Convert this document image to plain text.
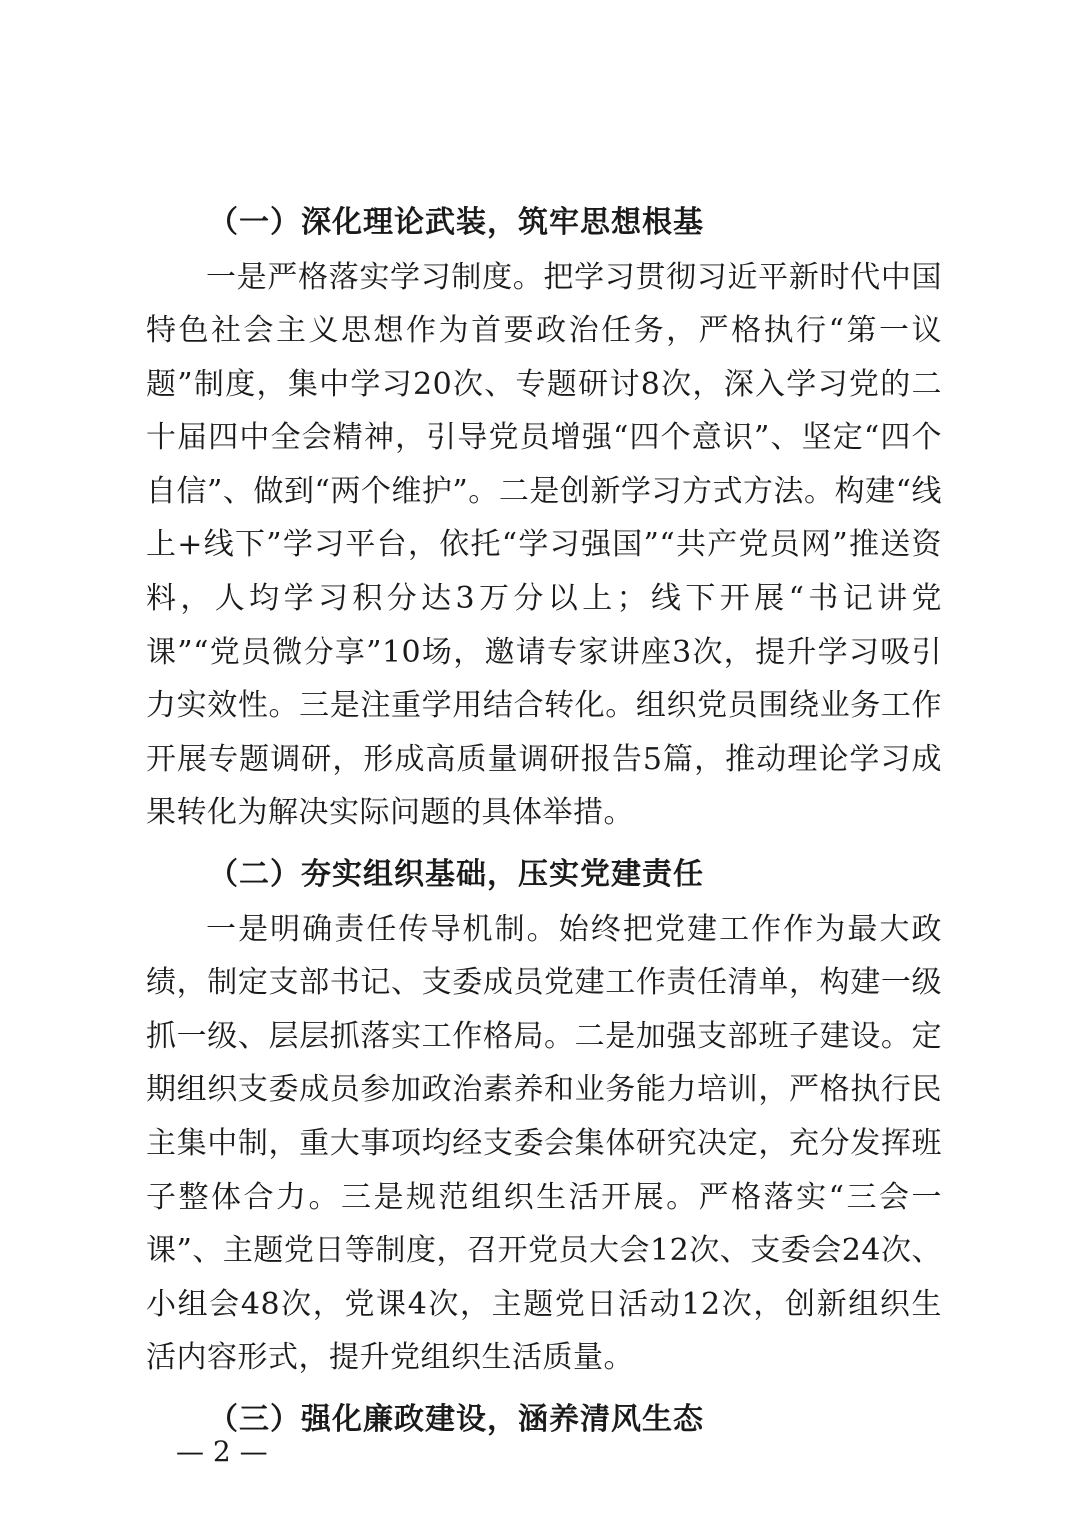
（一）深化理论武装，筑牢思想根基

一是严格落实学习制度。把学习贯彻习近平新时代中国特色社会主义思想作为首要政治任务，严格执行“第一议题”制度，集中学习20次、专题研讨8次，深入学习党的二十届四中全会精神，引导党员增强“四个意识”、坚定“四个自信”、做到“两个维护”。二是创新学习方式方法。构建“线上+线下”学习平台，依托“学习强国”“共产党员网”推送资料，人均学习积分达3万分以上；线下开展“书记讲党课”“党员微分享”10场，邀请专家讲座3次，提升学习吸引力实效性。三是注重学用结合转化。组织党员围绕业务工作开展专题调研，形成高质量调研报告5篇，推动理论学习成果转化为解决实际问题的具体举措。

（二）夯实组织基础，压实党建责任

一是明确责任传导机制。始终把党建工作作为最大政绩，制定支部书记、支委成员党建工作责任清单，构建一级抓一级、层层抓落实工作格局。二是加强支部班子建设。定期组织支委成员参加政治素养和业务能力培训，严格执行民主集中制，重大事项均经支委会集体研究决定，充分发挥班子整体合力。三是规范组织生活开展。严格落实“三会一课”、主题党日等制度，召开党员大会12次、支委会24次、小组会48次，党课4次，主题党日活动12次，创新组织生活内容形式，提升党组织生活质量。

（三）强化廉政建设，涵养清风生态
— 2 —
